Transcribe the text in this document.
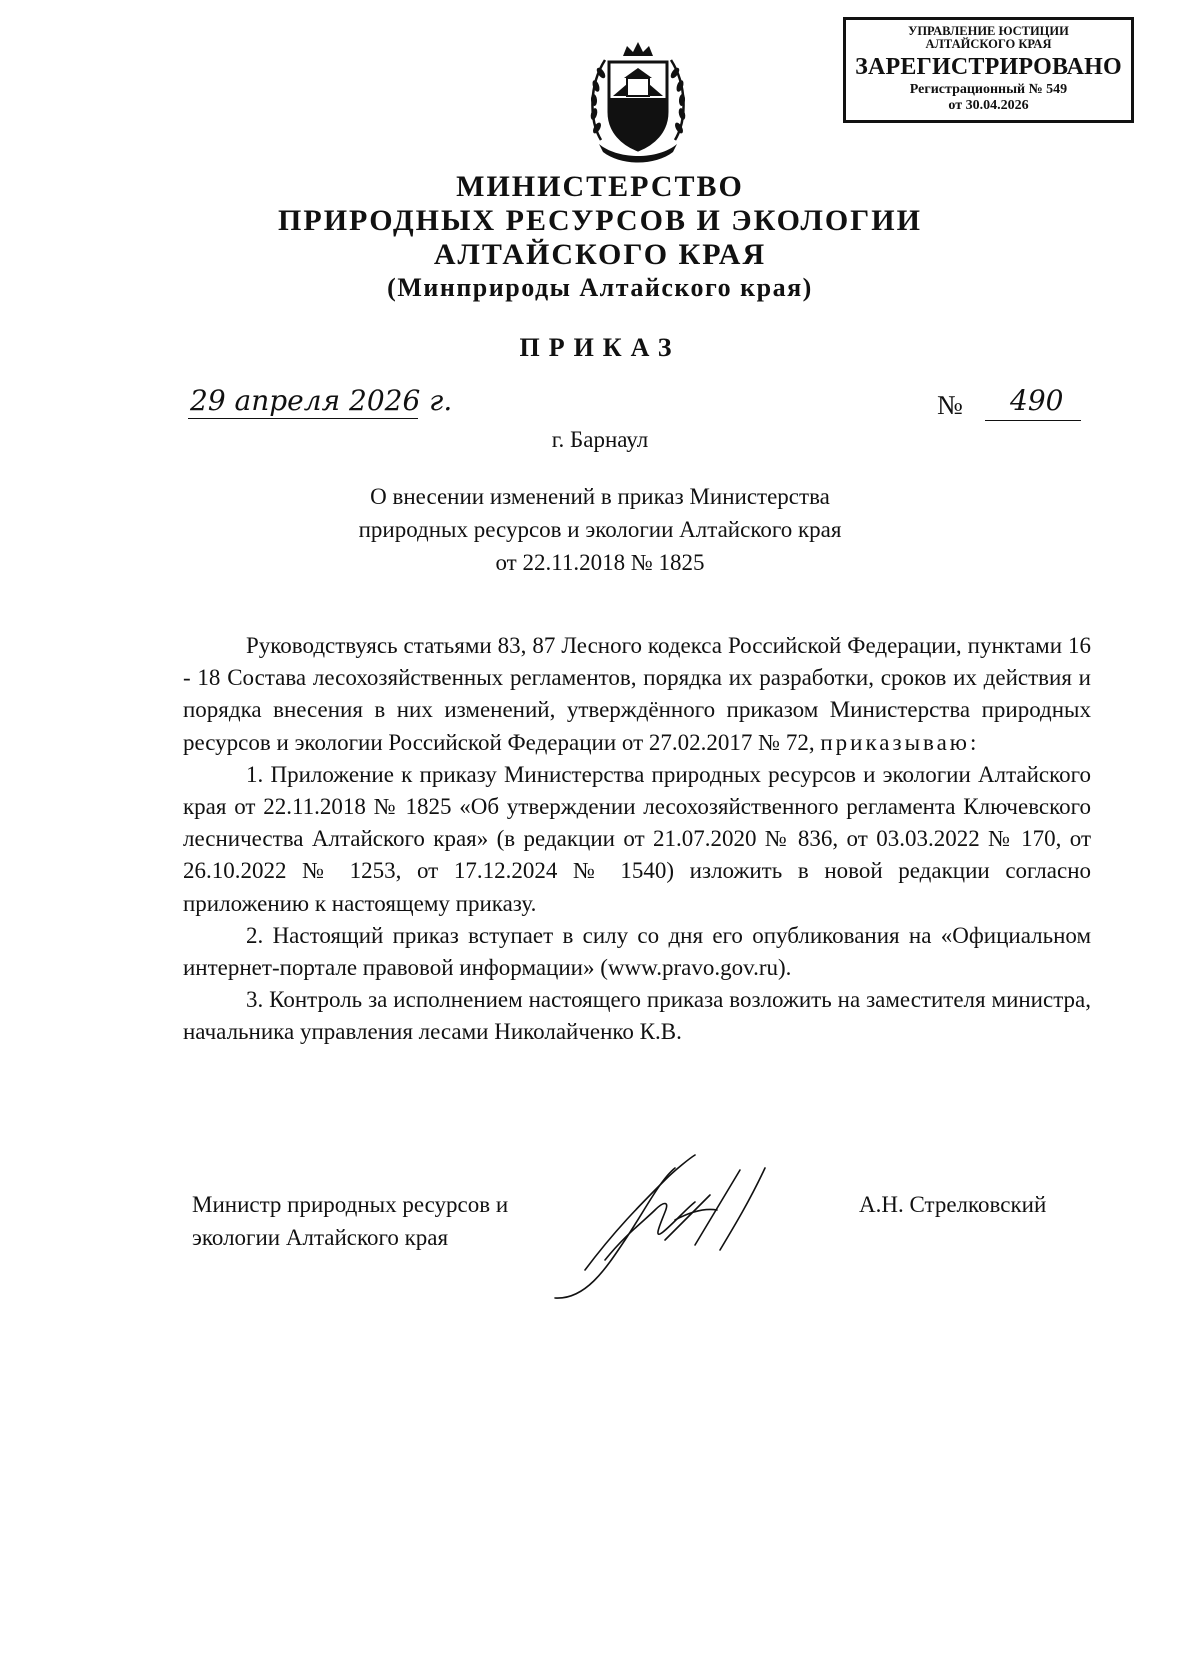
УПРАВЛЕНИЕ ЮСТИЦИИ
АЛТАЙСКОГО КРАЯ
ЗАРЕГИСТРИРОВАНО
Регистрационный № 549
от 30.04.2026
МИНИСТЕРСТВО
ПРИРОДНЫХ РЕСУРСОВ И ЭКОЛОГИИ
АЛТАЙСКОГО КРАЯ
(Минприроды Алтайского края)
ПРИКАЗ
29 апреля 2026 г.	№ 490
г. Барнаул
О внесении изменений в приказ Министерства
природных ресурсов и экологии Алтайского края
от 22.11.2018 № 1825

Руководствуясь статьями 83, 87 Лесного кодекса Российской Федерации, пунктами 16 - 18 Состава лесохозяйственных регламентов, порядка их разработки, сроков их действия и порядка внесения в них изменений, утверждённого приказом Министерства природных ресурсов и экологии Российской Федерации от 27.02.2017 № 72, приказываю:

1. Приложение к приказу Министерства природных ресурсов и экологии Алтайского края от 22.11.2018 № 1825 «Об утверждении лесохозяйственного регламента Ключевского лесничества Алтайского края» (в редакции от 21.07.2020 № 836, от 03.03.2022 № 170, от 26.10.2022 № 1253, от 17.12.2024 № 1540) изложить в новой редакции согласно приложению к настоящему приказу.

2. Настоящий приказ вступает в силу со дня его опубликования на «Официальном интернет-портале правовой информации» (www.pravo.gov.ru).

3. Контроль за исполнением настоящего приказа возложить на заместителя министра, начальника управления лесами Николайченко К.В.

Министр природных ресурсов и
экологии Алтайского края
А.Н. Стрелковский
